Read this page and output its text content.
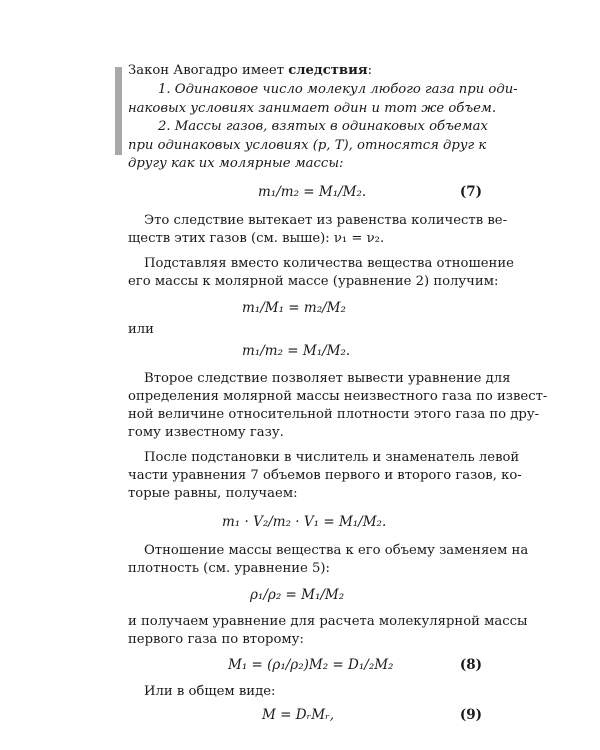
Закон Авогадро имеет следствия:
1. Одинаковое число молекул любого газа при оди-
наковых условиях занимает один и тот же объем.
2. Массы газов, взятых в одинаковых объемах
при одинаковых условиях (p, T), относятся друг к
другу как их молярные массы:
m₁/m₂ = M₁/M₂.	(7)
Это следствие вытекает из равенства количеств ве-
ществ этих газов (см. выше): ν₁ = ν₂.
Подставляя вместо количества вещества отношение
его массы к молярной массе (уравнение 2) получим:
m₁/M₁ = m₂/M₂
или
m₁/m₂ = M₁/M₂.
Второе следствие позволяет вывести уравнение для
определения молярной массы неизвестного газа по извест-
ной величине относительной плотности этого газа по дру-
гому известному газу.
После подстановки в числитель и знаменатель левой
части уравнения 7 объемов первого и второго газов, ко-
торые равны, получаем:
m₁ · V₂/m₂ · V₁ = M₁/M₂.
Отношение массы вещества к его объему заменяем на
плотность (см. уравнение 5):
ρ₁/ρ₂ = M₁/M₂
и получаем уравнение для расчета молекулярной массы
первого газа по второму:
M₁ = (ρ₁/ρ₂)M₂ = D₁/₂M₂	(8)
Или в общем виде:
M = DᵣMᵣ,	(9)
